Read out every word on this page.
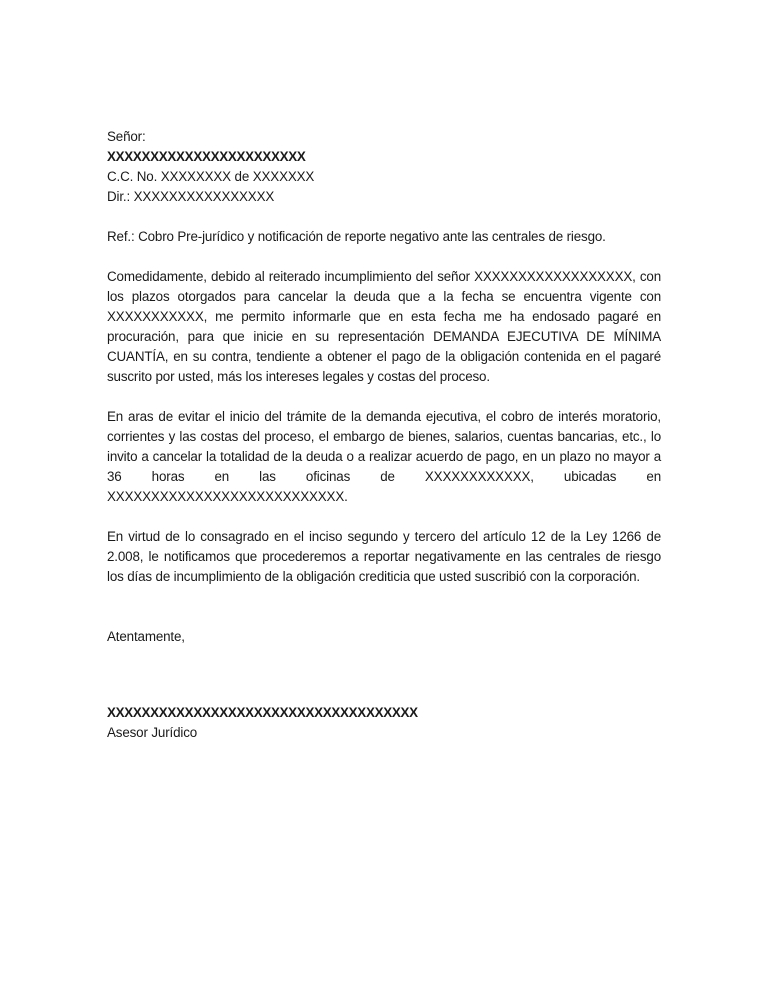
Señor:

XXXXXXXXXXXXXXXXXXXXXXX

C.C. No. XXXXXXXX de XXXXXXX

Dir.: XXXXXXXXXXXXXXXX

Ref.: Cobro Pre-jurídico y notificación de reporte negativo ante las centrales de riesgo.

Comedidamente, debido al reiterado incumplimiento del señor XXXXXXXXXXXXXXXXXX, con los plazos otorgados para cancelar la deuda que a la fecha se encuentra vigente con XXXXXXXXXXX, me permito informarle que en esta fecha me ha endosado pagaré en procuración, para que inicie en su representación DEMANDA EJECUTIVA DE MÍNIMA CUANTÍA, en su contra, tendiente a obtener el pago de la obligación contenida en el pagaré suscrito por usted, más los intereses legales y costas del proceso.

En aras de evitar el inicio del trámite de la demanda ejecutiva, el cobro de interés moratorio, corrientes y las costas del proceso, el embargo de bienes, salarios, cuentas bancarias, etc., lo invito a cancelar la totalidad de la deuda o a realizar acuerdo de pago, en un plazo no mayor a 36 horas en las oficinas de XXXXXXXXXXXX, ubicadas en XXXXXXXXXXXXXXXXXXXXXXXXXXX.

En virtud de lo consagrado en el inciso segundo y tercero del artículo 12 de la Ley 1266 de 2.008, le notificamos que procederemos a reportar negativamente en las centrales de riesgo los días de incumplimiento de la obligación crediticia que usted suscribió con la corporación.

Atentamente,

XXXXXXXXXXXXXXXXXXXXXXXXXXXXXXXXXXXX

Asesor Jurídico
